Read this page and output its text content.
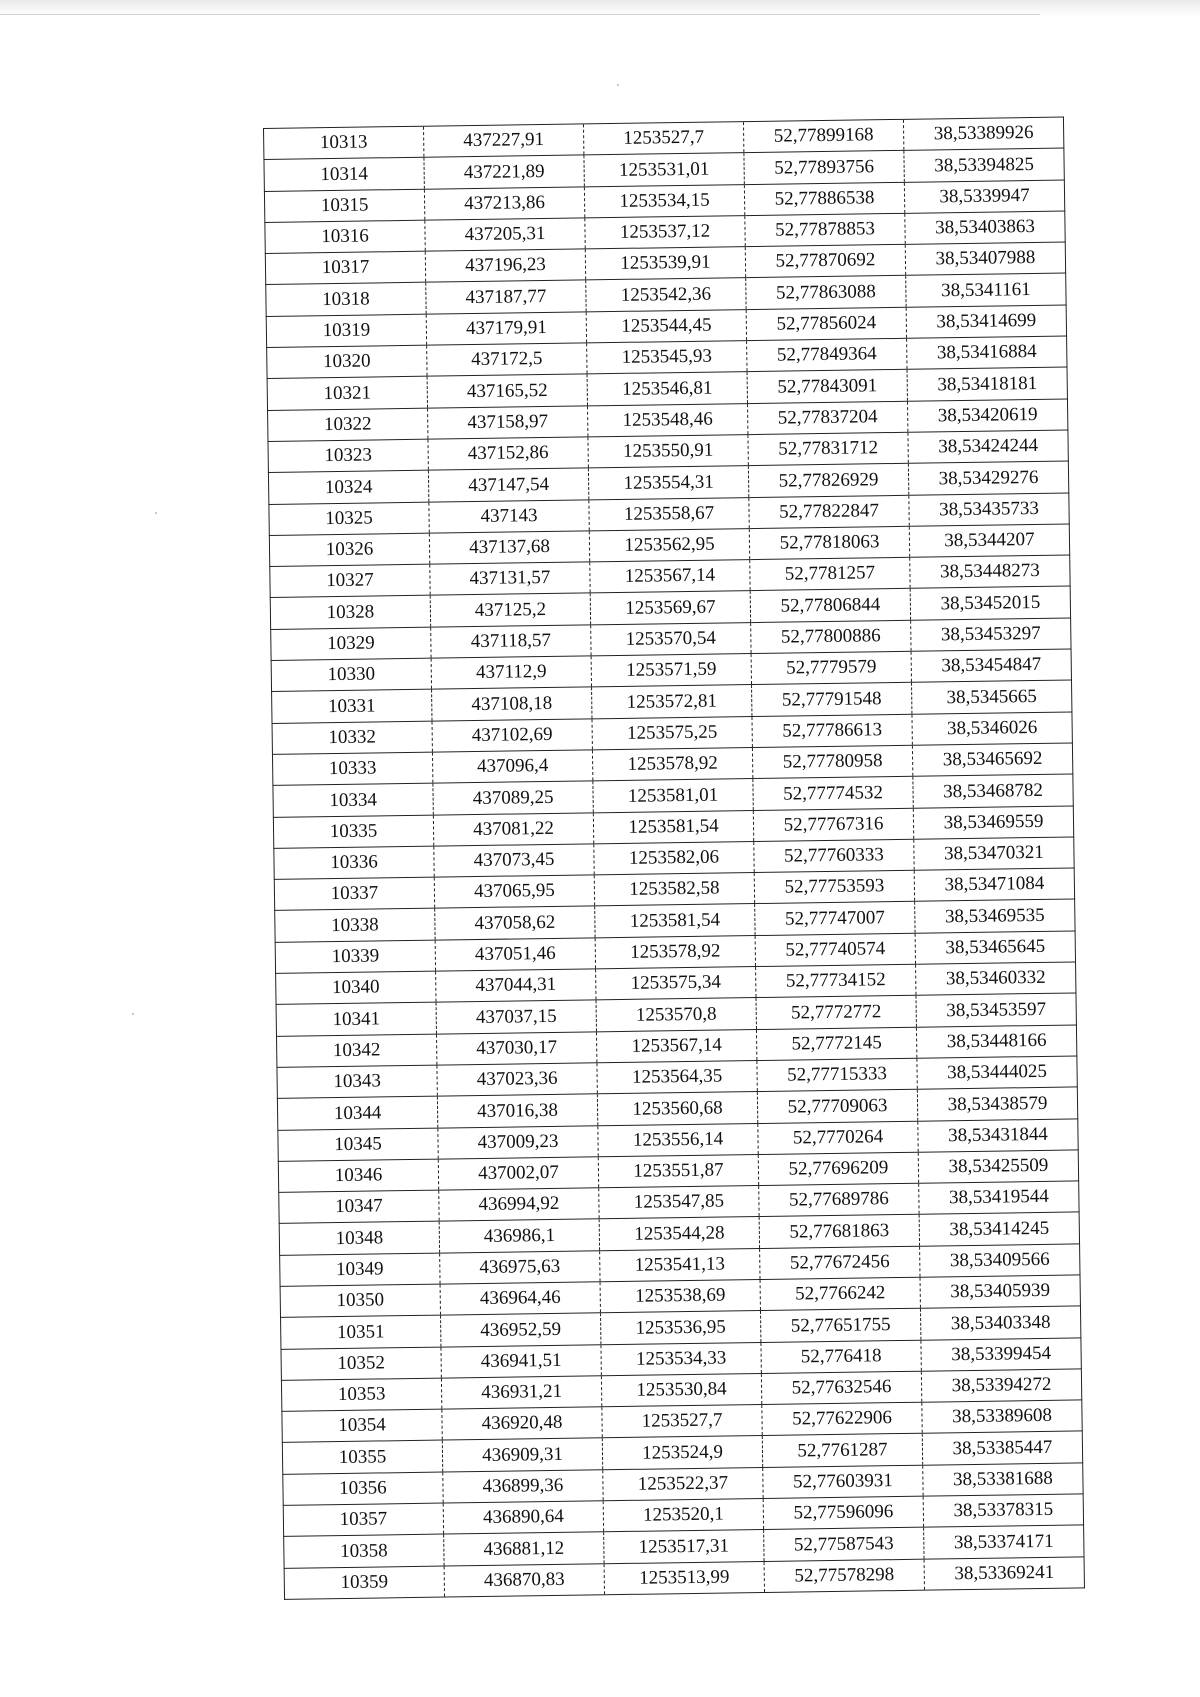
10313	437227,91	1253527,7	52,77899168	38,53389926
10314	437221,89	1253531,01	52,77893756	38,53394825
10315	437213,86	1253534,15	52,77886538	38,5339947
10316	437205,31	1253537,12	52,77878853	38,53403863
10317	437196,23	1253539,91	52,77870692	38,53407988
10318	437187,77	1253542,36	52,77863088	38,5341161
10319	437179,91	1253544,45	52,77856024	38,53414699
10320	437172,5	1253545,93	52,77849364	38,53416884
10321	437165,52	1253546,81	52,77843091	38,53418181
10322	437158,97	1253548,46	52,77837204	38,53420619
10323	437152,86	1253550,91	52,77831712	38,53424244
10324	437147,54	1253554,31	52,77826929	38,53429276
10325	437143	1253558,67	52,77822847	38,53435733
10326	437137,68	1253562,95	52,77818063	38,5344207
10327	437131,57	1253567,14	52,7781257	38,53448273
10328	437125,2	1253569,67	52,77806844	38,53452015
10329	437118,57	1253570,54	52,77800886	38,53453297
10330	437112,9	1253571,59	52,7779579	38,53454847
10331	437108,18	1253572,81	52,77791548	38,5345665
10332	437102,69	1253575,25	52,77786613	38,5346026
10333	437096,4	1253578,92	52,77780958	38,53465692
10334	437089,25	1253581,01	52,77774532	38,53468782
10335	437081,22	1253581,54	52,77767316	38,53469559
10336	437073,45	1253582,06	52,77760333	38,53470321
10337	437065,95	1253582,58	52,77753593	38,53471084
10338	437058,62	1253581,54	52,77747007	38,53469535
10339	437051,46	1253578,92	52,77740574	38,53465645
10340	437044,31	1253575,34	52,77734152	38,53460332
10341	437037,15	1253570,8	52,7772772	38,53453597
10342	437030,17	1253567,14	52,7772145	38,53448166
10343	437023,36	1253564,35	52,77715333	38,53444025
10344	437016,38	1253560,68	52,77709063	38,53438579
10345	437009,23	1253556,14	52,7770264	38,53431844
10346	437002,07	1253551,87	52,77696209	38,53425509
10347	436994,92	1253547,85	52,77689786	38,53419544
10348	436986,1	1253544,28	52,77681863	38,53414245
10349	436975,63	1253541,13	52,77672456	38,53409566
10350	436964,46	1253538,69	52,7766242	38,53405939
10351	436952,59	1253536,95	52,77651755	38,53403348
10352	436941,51	1253534,33	52,776418	38,53399454
10353	436931,21	1253530,84	52,77632546	38,53394272
10354	436920,48	1253527,7	52,77622906	38,53389608
10355	436909,31	1253524,9	52,7761287	38,53385447
10356	436899,36	1253522,37	52,77603931	38,53381688
10357	436890,64	1253520,1	52,77596096	38,53378315
10358	436881,12	1253517,31	52,77587543	38,53374171
10359	436870,83	1253513,99	52,77578298	38,53369241
